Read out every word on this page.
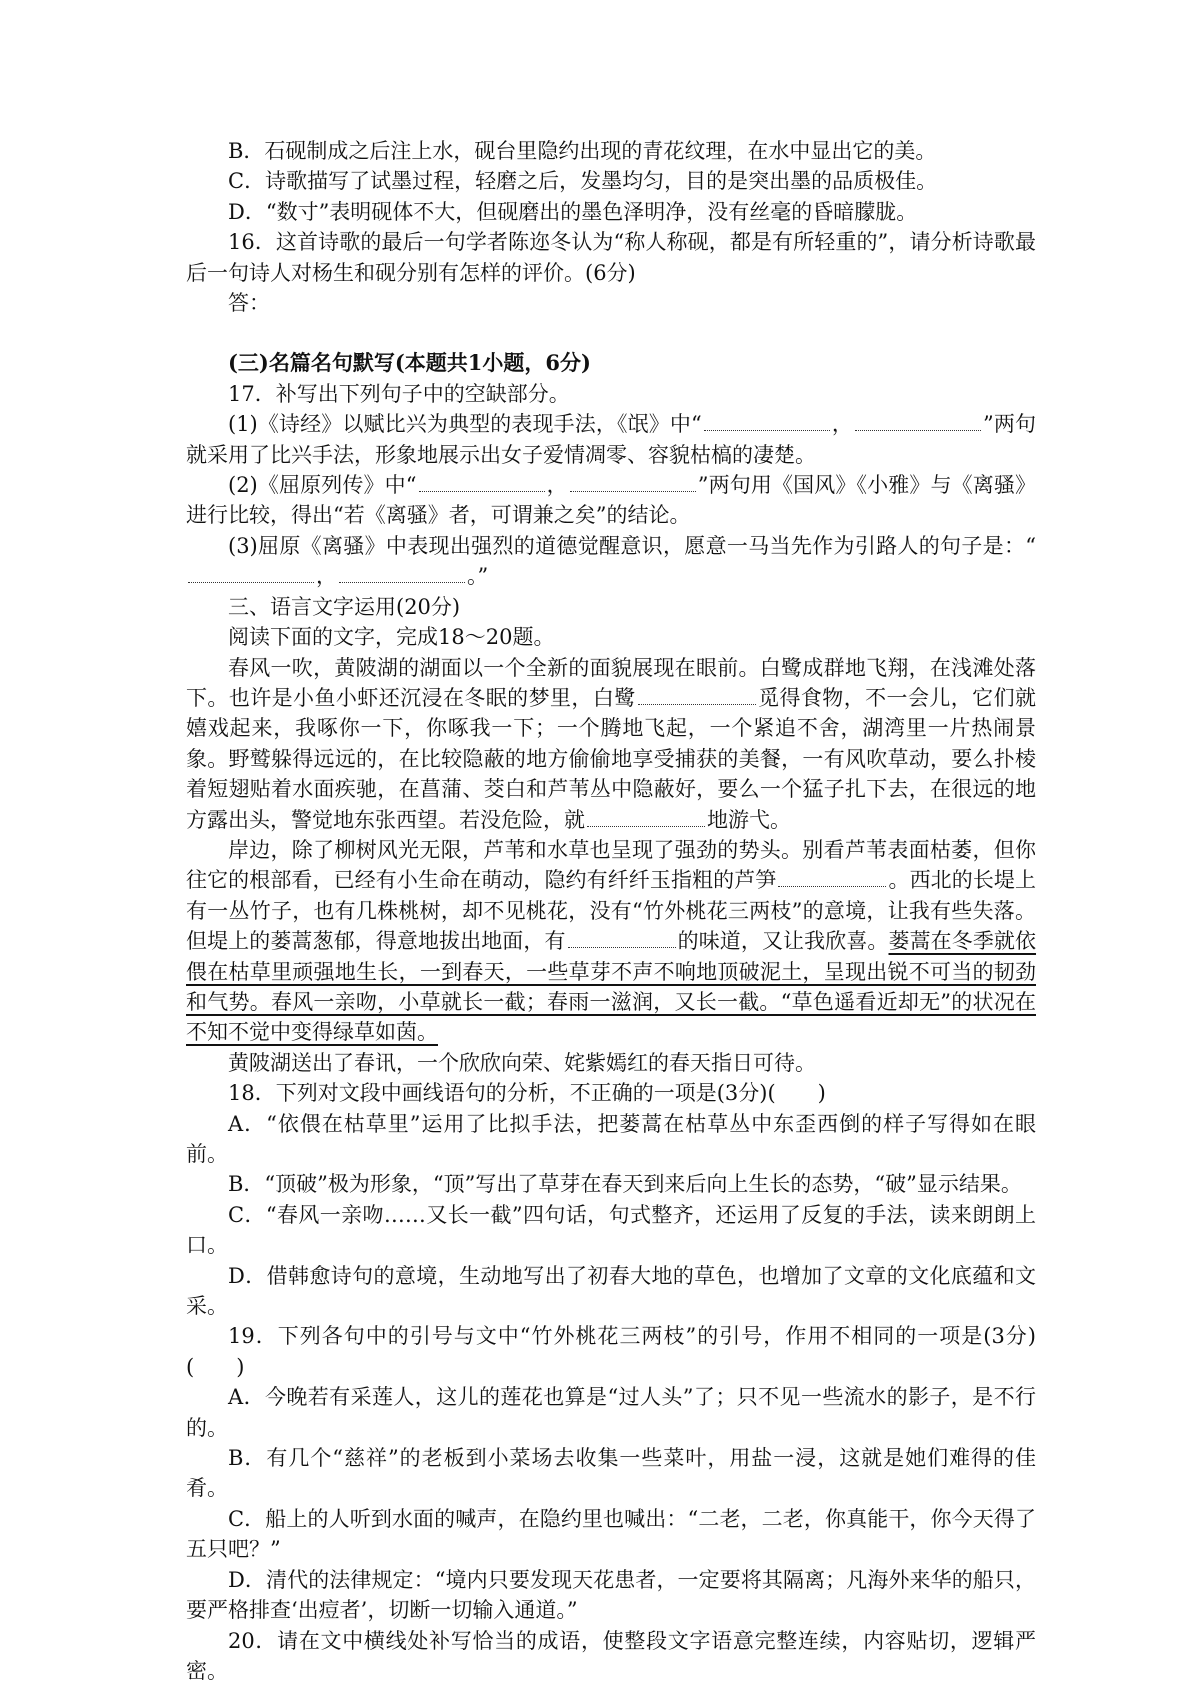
B．石砚制成之后注上水，砚台里隐约出现的青花纹理，在水中显出它的美。

C．诗歌描写了试墨过程，轻磨之后，发墨均匀，目的是突出墨的品质极佳。

D．“数寸”表明砚体不大，但砚磨出的墨色泽明净，没有丝毫的昏暗朦胧。

16．这首诗歌的最后一句学者陈迩冬认为“称人称砚，都是有所轻重的”，请分析诗歌最后一句诗人对杨生和砚分别有怎样的评价。(6分)

答：

(三)名篇名句默写(本题共1小题，6分)

17．补写出下列句子中的空缺部分。

(1)《诗经》以赋比兴为典型的表现手法，《氓》中“	，	”两句就采用了比兴手法，形象地展示出女子爱情凋零、容貌枯槁的凄楚。

(2)《屈原列传》中“	，	”两句用《国风》《小雅》与《离骚》进行比较，得出“若《离骚》者，可谓兼之矣”的结论。

(3)屈原《离骚》中表现出强烈的道德觉醒意识，愿意一马当先作为引路人的句子是：“，	。”

三、语言文字运用(20分)

阅读下面的文字，完成18～20题。

春风一吹，黄陂湖的湖面以一个全新的面貌展现在眼前。白鹭成群地飞翔，在浅滩处落下。也许是小鱼小虾还沉浸在冬眠的梦里，白鹭	觅得食物，不一会儿，它们就嬉戏起来，我啄你一下，你啄我一下；一个腾地飞起，一个紧追不舍，湖湾里一片热闹景象。野鹫躲得远远的，在比较隐蔽的地方偷偷地享受捕获的美餐，一有风吹草动，要么扑棱着短翅贴着水面疾驰，在菖蒲、茭白和芦苇丛中隐蔽好，要么一个猛子扎下去，在很远的地方露出头，警觉地东张西望。若没危险，就	地游弋。

岸边，除了柳树风光无限，芦苇和水草也呈现了强劲的势头。别看芦苇表面枯萎，但你往它的根部看，已经有小生命在萌动，隐约有纤纤玉指粗的芦笋	。西北的长堤上有一丛竹子，也有几株桃树，却不见桃花，没有“竹外桃花三两枝”的意境，让我有些失落。但堤上的蒌蒿葱郁，得意地拔出地面，有	的味道，又让我欣喜。蒌蒿在冬季就依偎在枯草里顽强地生长，一到春天，一些草芽不声不响地顶破泥土，呈现出锐不可当的韧劲和气势。春风一亲吻，小草就长一截；春雨一滋润，又长一截。“草色遥看近却无”的状况在不知不觉中变得绿草如茵。

黄陂湖送出了春讯，一个欣欣向荣、姹紫嫣红的春天指日可待。

18．下列对文段中画线语句的分析，不正确的一项是(3分)(　　)

A．“依偎在枯草里”运用了比拟手法，把蒌蒿在枯草丛中东歪西倒的样子写得如在眼前。

B．“顶破”极为形象，“顶”写出了草芽在春天到来后向上生长的态势，“破”显示结果。

C．“春风一亲吻……又长一截”四句话，句式整齐，还运用了反复的手法，读来朗朗上口。

D．借韩愈诗句的意境，生动地写出了初春大地的草色，也增加了文章的文化底蕴和文采。

19．下列各句中的引号与文中“竹外桃花三两枝”的引号，作用不相同的一项是(3分)(　　)

A．今晚若有采莲人，这儿的莲花也算是“过人头”了；只不见一些流水的影子，是不行的。

B．有几个“慈祥”的老板到小菜场去收集一些菜叶，用盐一浸，这就是她们难得的佳肴。

C．船上的人听到水面的喊声，在隐约里也喊出：“二老，二老，你真能干，你今天得了五只吧？”

D．清代的法律规定：“境内只要发现天花患者，一定要将其隔离；凡海外来华的船只，要严格排查‘出痘者’，切断一切输入通道。”

20．请在文中横线处补写恰当的成语，使整段文字语意完整连续，内容贴切，逻辑严密。
